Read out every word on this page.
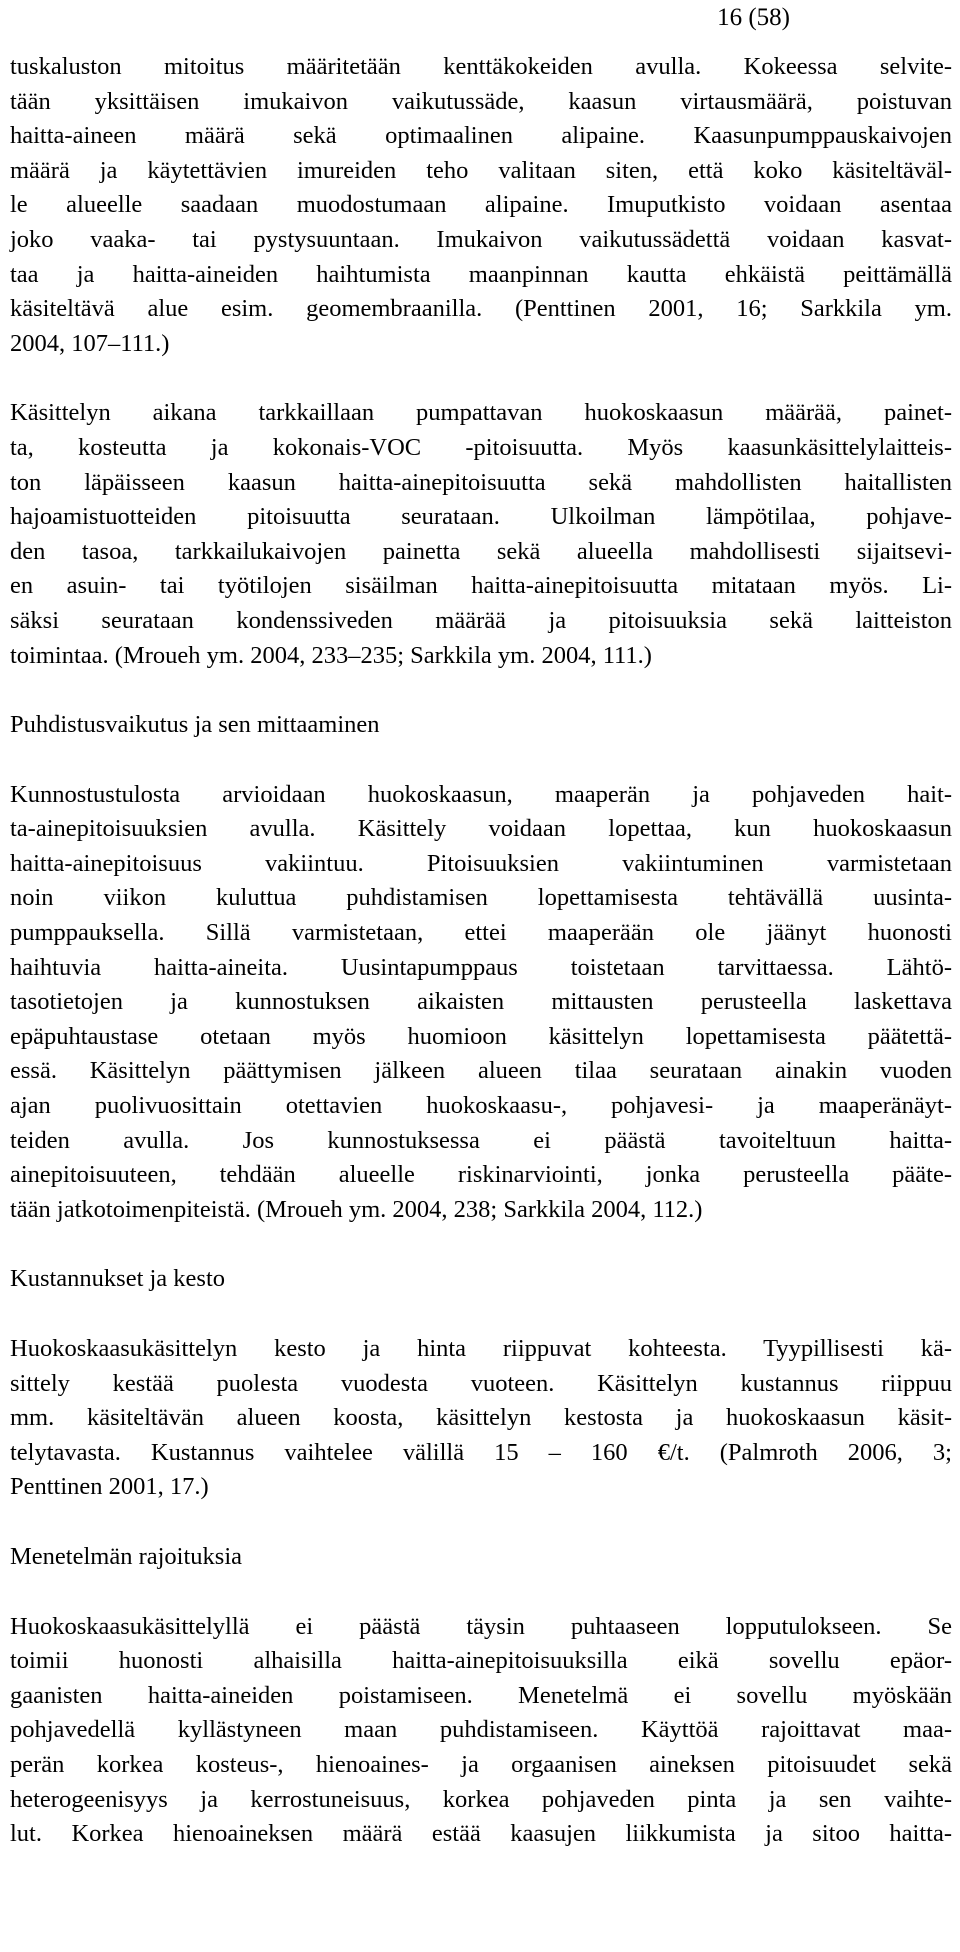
16 (58)

tuskaluston mitoitus määritetään kenttäkokeiden avulla. Kokeessa selvite-
tään yksittäisen imukaivon vaikutussäde, kaasun virtausmäärä, poistuvan
haitta-aineen määrä sekä optimaalinen alipaine. Kaasunpumppauskaivojen
määrä ja käytettävien imureiden teho valitaan siten, että koko käsiteltäväl-
le alueelle saadaan muodostumaan alipaine. Imuputkisto voidaan asentaa
joko vaaka- tai pystysuuntaan. Imukaivon vaikutussädettä voidaan kasvat-
taa ja haitta-aineiden haihtumista maanpinnan kautta ehkäistä peittämällä
käsiteltävä alue esim. geomembraanilla. (Penttinen 2001, 16; Sarkkila ym.
2004, 107–111.)

Käsittelyn aikana tarkkaillaan pumpattavan huokoskaasun määrää, painet-
ta, kosteutta ja kokonais-VOC -pitoisuutta. Myös kaasunkäsittelylaitteis-
ton läpäisseen kaasun haitta-ainepitoisuutta sekä mahdollisten haitallisten
hajoamistuotteiden pitoisuutta seurataan. Ulkoilman lämpötilaa, pohjave-
den tasoa, tarkkailukaivojen painetta sekä alueella mahdollisesti sijaitsevi-
en asuin- tai työtilojen sisäilman haitta-ainepitoisuutta mitataan myös. Li-
säksi seurataan kondenssiveden määrää ja pitoisuuksia sekä laitteiston
toimintaa. (Mroueh ym. 2004, 233–235; Sarkkila ym. 2004, 111.)

Puhdistusvaikutus ja sen mittaaminen

Kunnostustulosta arvioidaan huokoskaasun, maaperän ja pohjaveden hait-
ta-ainepitoisuuksien avulla. Käsittely voidaan lopettaa, kun huokoskaasun
haitta-ainepitoisuus vakiintuu. Pitoisuuksien vakiintuminen varmistetaan
noin viikon kuluttua puhdistamisen lopettamisesta tehtävällä uusinta-
pumppauksella. Sillä varmistetaan, ettei maaperään ole jäänyt huonosti
haihtuvia haitta-aineita. Uusintapumppaus toistetaan tarvittaessa. Lähtö-
tasotietojen ja kunnostuksen aikaisten mittausten perusteella laskettava
epäpuhtaustase otetaan myös huomioon käsittelyn lopettamisesta päätettä-
essä. Käsittelyn päättymisen jälkeen alueen tilaa seurataan ainakin vuoden
ajan puolivuosittain otettavien huokoskaasu-, pohjavesi- ja maaperänäyt-
teiden avulla. Jos kunnostuksessa ei päästä tavoiteltuun haitta-
ainepitoisuuteen, tehdään alueelle riskinarviointi, jonka perusteella pääte-
tään jatkotoimenpiteistä. (Mroueh ym. 2004, 238; Sarkkila 2004, 112.)

Kustannukset ja kesto

Huokoskaasukäsittelyn kesto ja hinta riippuvat kohteesta. Tyypillisesti kä-
sittely kestää puolesta vuodesta vuoteen. Käsittelyn kustannus riippuu
mm. käsiteltävän alueen koosta, käsittelyn kestosta ja huokoskaasun käsit-
telytavasta. Kustannus vaihtelee välillä 15 – 160 €/t. (Palmroth 2006, 3;
Penttinen 2001, 17.)

Menetelmän rajoituksia

Huokoskaasukäsittelyllä ei päästä täysin puhtaaseen lopputulokseen. Se
toimii huonosti alhaisilla haitta-ainepitoisuuksilla eikä sovellu epäor-
gaanisten haitta-aineiden poistamiseen. Menetelmä ei sovellu myöskään
pohjavedellä kyllästyneen maan puhdistamiseen. Käyttöä rajoittavat maa-
perän korkea kosteus-, hienoaines- ja orgaanisen aineksen pitoisuudet sekä
heterogeenisyys ja kerrostuneisuus, korkea pohjaveden pinta ja sen vaihte-
lut. Korkea hienoaineksen määrä estää kaasujen liikkumista ja sitoo haitta-
